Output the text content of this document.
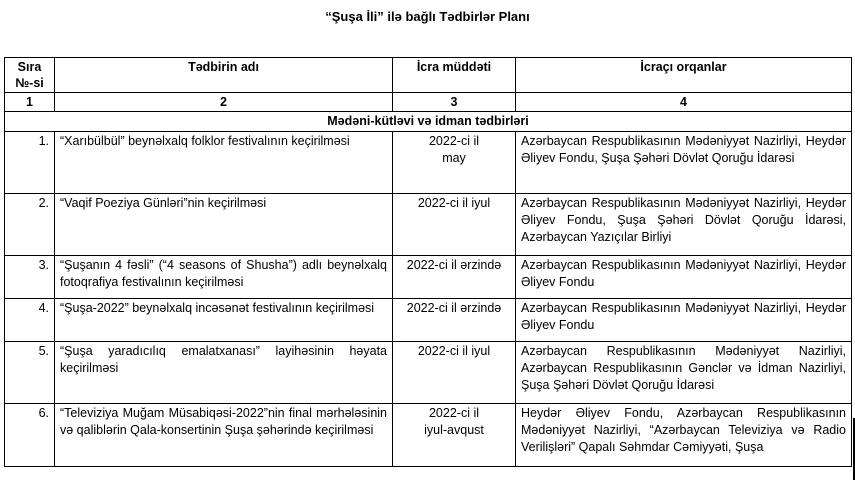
“Şuşa İli” ilə bağlı Tədbirlər Planı
Sıra №-si	Tədbirin adı	İcra müddəti	İcraçı orqanlar
1	2	3	4
Mədəni-kütləvi və idman tədbirləri			
1.	“Xarıbülbül” beynəlxalq folklor festivalının keçirilməsi	2022-ci il may	Azərbaycan Respublikasının Mədəniyyət Nazirliyi, Heydər Əliyev Fondu, Şuşa Şəhəri Dövlət Qoruğu İdarəsi
2.	“Vaqif Poeziya Günləri”nin keçirilməsi	2022-ci il iyul	Azərbaycan Respublikasının Mədəniyyət Nazirliyi, Heydər Əliyev Fondu, Şuşa Şəhəri Dövlət Qoruğu İdarəsi, Azərbaycan Yazıçılar Birliyi
3.	“Şuşanın 4 fəsli” (“4 seasons of Shusha”) adlı beynəlxalq fotoqrafiya festivalının keçirilməsi	2022-ci il ərzində	Azərbaycan Respublikasının Mədəniyyət Nazirliyi, Heydər Əliyev Fondu
4.	“Şuşa-2022” beynəlxalq incəsənət festivalının keçirilməsi	2022-ci il ərzində	Azərbaycan Respublikasının Mədəniyyət Nazirliyi, Heydər Əliyev Fondu
5.	“Şuşa yaradıcılıq emalatxanası” layihəsinin həyata keçirilməsi	2022-ci il iyul	Azərbaycan Respublikasının Mədəniyyət Nazirliyi, Azərbaycan Respublikasının Gənclər və İdman Nazirliyi, Şuşa Şəhəri Dövlət Qoruğu İdarəsi
6.	“Televiziya Muğam Müsabiqəsi-2022”nin final mərhələsinin və qaliblərin Qala-konsertinin Şuşa şəhərində keçirilməsi	2022-ci il iyul-avqust	Heydər Əliyev Fondu, Azərbaycan Respublikasının Mədəniyyət Nazirliyi, “Azərbaycan Televiziya və Radio Verilişləri” Qapalı Səhmdar Cəmiyyəti, Şuşa
